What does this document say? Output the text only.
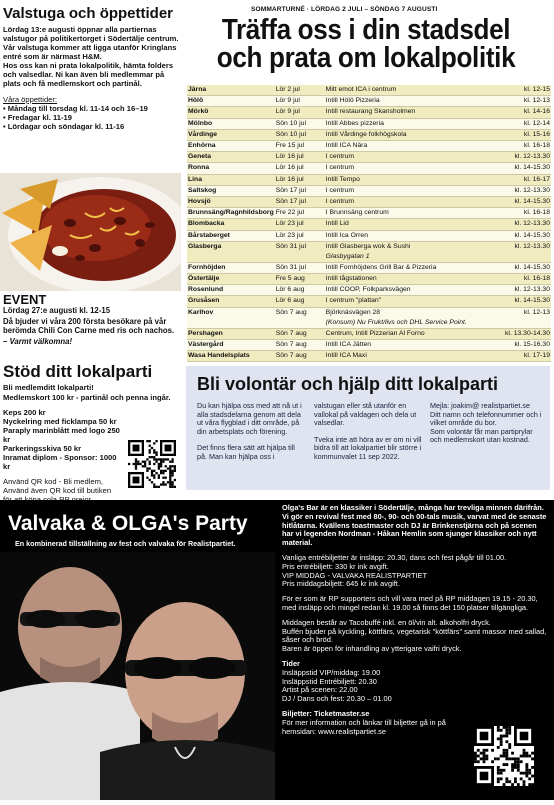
Valstuga och öppettider
Lördag 13:e augusti öppnar alla partiernas valstugor på politikertorget i Södertälje centrum.
Vår valstuga kommer att ligga utanför Kringlans entré som är närmast H&M.
Hos oss kan ni prata lokalpolitik, hämta folders och valsedlar. Ni kan även bli medlemmar på plats och få medlemskort och partinål.
Våra öppettider:
• Måndag till torsdag kl. 11-14 och 16–19
• Fredagar kl. 11-19
• Lördagar och söndagar kl. 11-16
EVENT
Lördag 27:e augusti kl. 12-15
Då bjuder vi våra 200 första besökare på vår berömda Chili Con Carne med ris och nachos.
– Varmt välkomna!
Stöd ditt lokalparti
Bli medlemditt lokalparti!
Medlemskort 100 kr - partinål och penna ingår.
Keps 200 kr
Nyckelring med ficklampa 50 kr
Paraply marinblått med logo 250 kr
Parkeringsskiva 50 kr
Inramat diplom - Sponsor: 1000 kr
Använd QR kod - Bli medlem, Använd även QR kod till butiken
SOMMARTURNÉ · LÖRDAG 2 JULI – SÖNDAG 7 AUGUSTI
Träffa oss i din stadsdel
och prata om lokalpolitik
Järna	Lör 2 jul	Mitt emot ICA i centrum	kl. 12-15
Hölö	Lör 9 jul	Intill Hölö Pizzeria	kl. 12-13
Mörkö	Lör 9 jul	Intill restaurang Skansholmen	kl. 14-16
Mölnbo	Sön 10 jul	Intill Abbes pizzeria	kl. 12-14
Vårdinge	Sön 10 jul	Intill Vårdinge folkhögskola	kl. 15-16
Enhörna	Fre 15 jul	Intill ICA Nära	kl. 16-18
Geneta	Lör 16 jul	I centrum	kl. 12-13.30
Ronna	Lör 16 jul	I centrum	kl. 14-15.30
Lina	Lör 16 jul	Intill Tempo	kl. 16-17
Saltskog	Sön 17 jul	I centrum	kl. 12-13.30
Hovsjö	Sön 17 jul	I centrum	kl. 14-15.30
Brunnsäng/Ragnhildsborg	Fre 22 jul	I Brunnsäng centrum	kl. 16-18
Blombacka	Lör 23 jul	Intill Lid	kl. 12-13.30
Bårstaberget	Lör 23 jul	Intill Ica Orren	kl. 14-15.30
Glasberga	Sön 31 jul	Intill Glasberga wok & Sushi
Glasbygatan 1	kl. 12-13.30
Fornhöjden	Sön 31 jul	Intill Fornhöjdens Grill Bar & Pizzeria	kl. 14-15.30
Östertälje	Fre 5 aug	Intill tågstationen	kl. 16-18
Rosenlund	Lör 6 aug	Intill COOP, Folkparksvägen	kl. 12-13.30
Grusåsen	Lör 6 aug	I centrum "plattan"	kl. 14-15.30
Karlhov	Sön 7 aug	Björknäsvägen 28
(Konsum) Nu Frukt/livs och DHL Service Point.	kl. 12-13
Pershagen	Sön 7 aug	Centrum, Intill Pizzerian Al Forno	kl. 13.30-14.30
Västergård	Sön 7 aug	Intill ICA Jätten	kl. 15-16.30
Wasa Handelsplats	Sön 7 aug	Intill ICA Maxi	kl. 17-19
Bli volontär och hjälp ditt lokalparti
Du kan hjälpa oss med att nå ut i alla stadsdelarna genom att dela ut våra flygblad i ditt område, på din arbetsplats och förening.
Det finns flera sätt att hjälpa till på. Man kan hjälpa oss i
valstugan eller stå utanför en vallokal på valdagen och dela ut valsedlar.
Tveka inte att höra av er om ni vill bidra till att lokalpartiet blir större i kommunvalet 11 sep 2022.
Mejla: joakim@ realistpartiet.se
Ditt namn och telefonnummer och i vilket område du bor.
Som volontär får man partiprylar och medlemskort utan kostnad.
Valvaka & OLGA's Party
En kombinerad tillställning av fest och valvaka för Realistpartiet.
Olga's Bar är en klassiker i Södertälje, många har trevliga minnen därifrån. Vi gör en revival fest med 80-, 90- och 00-tals musik, varvat med de senaste hitlåtarna. Kvällens toastmaster och DJ är Brinkenstjärna och på scenen har vi legenden Nordman - Håkan Hemlin som sjunger klassiker och nytt material.
Vanliga entrébiljetter är insläpp: 20.30, dans och fest pågår till 01.00.
Pris entrébiljett: 330 kr ink avgift.
VIP MIDDAG - VALVAKA REALISTPARTIET
Pris middagsbiljett: 645 kr ink avgift.
För er som är RP supporters och vill vara med på RP middagen 19.15 - 20.30, med insläpp och mingel redan kl. 19.00 så finns det 150 platser tillgängliga.
Middagen består av Tacobuffé inkl. en öl/vin alt. alkoholfri dryck.
Buffén bjuder på kyckling, köttfärs, vegetarisk "köttfärs" samt massor med sallad, såser och bröd.
Baren är öppen för inhandling av ytterigare vaifri dryck.
Tider
Insläppstid VIP/middag: 19.00
Insläppstid Entrébiljett: 20.30
Artist på scenen: 22.00
DJ / Dans och fest: 20.30 – 01.00
Biljetter: Ticketmaster.se
För mer information och länkar till biljetter gå in på hemsidan: www.realistpartiet.se
